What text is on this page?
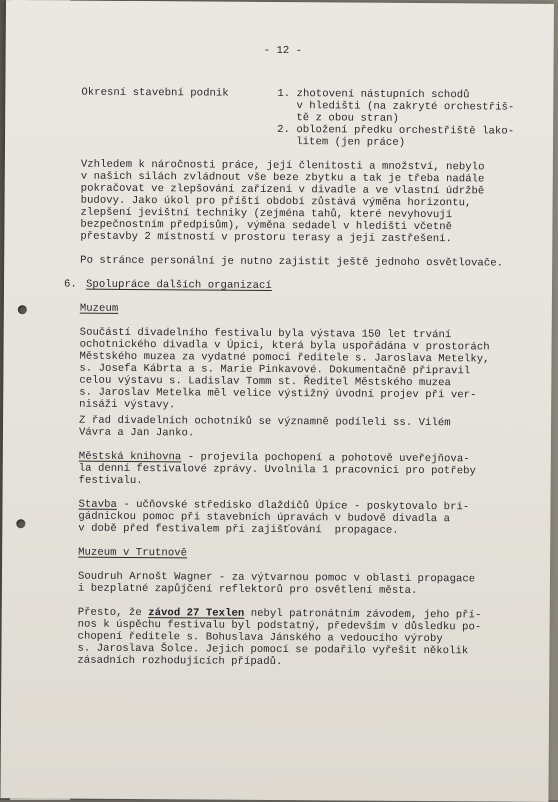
- 12 -

Okresní stavební podnik	1. zhotovení nástupních schodů

v hledišti (na zakryté orchestřiš-

tě z obou stran)

2. obložení předku orchestřiště lako-

litem (jen práce)

Vzhledem k náročnosti práce, její členitosti a množství, nebylo

v našich silách zvládnout vše beze zbytku a tak je třeba nadále

pokračovat ve zlepšování zařízení v divadle a ve vlastní údržbě

budovy. Jako úkol pro příští období zůstává výměna horizontu,

zlepšení jevištní techniky (zejména tahů, které nevyhovují

bezpečnostním předpisům), výměna sedadel v hledišti včetně

přestavby 2 místností v prostoru terasy a její zastřešení.

Po stránce personální je nutno zajistit ještě jednoho osvětlovače.

6. Spolupráce dalších organizací

Muzeum

Součástí divadelního festivalu byla výstava 150 let trvání

ochotnického divadla v Úpici, která byla uspořádána v prostorách

Městského muzea za vydatné pomoci ředitele s. Jaroslava Metelky,

s. Josefa Kábrta a s. Marie Pinkavové. Dokumentačně připravil

celou výstavu s. Ladislav Tomm st. Ředitel Městského muzea

s. Jaroslav Metelka měl velice výstižný úvodní projev při ver-

nisáži výstavy.

Z řad divadelních ochotníků se významně podíleli ss. Vilém

Vávra a Jan Janko.

Městská knihovna - projevila pochopení a pohotově uveřejňova-

la denní festivalové zprávy. Uvolnila 1 pracovnici pro potřeby

festivalu.

Stavba - učňovské středisko dlaždičů Úpice - poskytovalo bri-

gádnickou pomoc při stavebních úpravách v budově divadla a

v době před festivalem při zajišťování  propagace.

Muzeum v Trutnově

Soudruh Arnošt Wagner - za výtvarnou pomoc v oblasti propagace

i bezplatné zapůjčení reflektorů pro osvětlení města.

Přesto, že závod 27 Texlen nebyl patronátním závodem, jeho pří-

nos k úspěchu festivalu byl podstatný, především v důsledku po-

chopení ředitele s. Bohuslava Jánského a vedoucího výroby

s. Jaroslava Šolce. Jejich pomocí se podařilo vyřešit několik

zásadních rozhodujících případů.
